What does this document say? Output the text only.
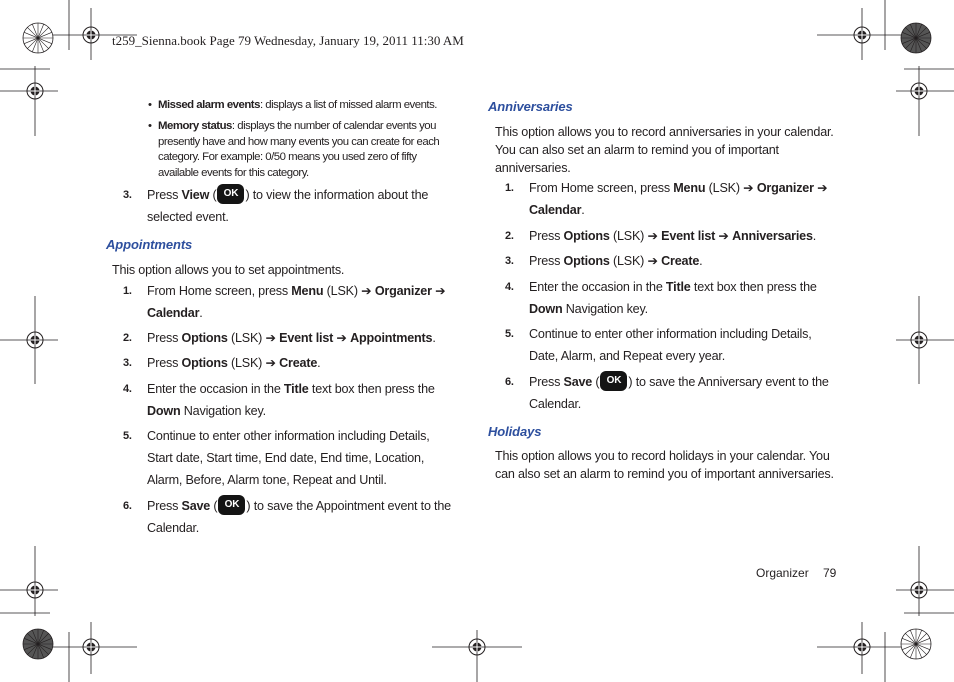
t259_Sienna.book Page 79 Wednesday, January 19, 2011 11:30 AM
• Missed alarm events: displays a list of missed alarm events.
• Memory status: displays the number of calendar events you presently have and how many events you can create for each category. For example: 0/50 means you used zero of fifty available events for this category.
3. Press View ( OK ) to view the information about the selected event.
Appointments
This option allows you to set appointments.
1. From Home screen, press Menu (LSK) ➔ Organizer ➔ Calendar.
2. Press Options (LSK) ➔ Event list ➔ Appointments.
3. Press Options (LSK) ➔ Create.
4. Enter the occasion in the Title text box then press the Down Navigation key.
5. Continue to enter other information including Details, Start date, Start time, End date, End time, Location, Alarm, Before, Alarm tone, Repeat and Until.
6. Press Save ( OK ) to save the Appointment event to the Calendar.
Anniversaries
This option allows you to record anniversaries in your calendar. You can also set an alarm to remind you of important anniversaries.
1. From Home screen, press Menu (LSK) ➔ Organizer ➔ Calendar.
2. Press Options (LSK) ➔ Event list ➔ Anniversaries.
3. Press Options (LSK) ➔ Create.
4. Enter the occasion in the Title text box then press the Down Navigation key.
5. Continue to enter other information including Details, Date, Alarm, and Repeat every year.
6. Press Save ( OK ) to save the Anniversary event to the Calendar.
Holidays
This option allows you to record holidays in your calendar. You can also set an alarm to remind you of important anniversaries.
Organizer 79
